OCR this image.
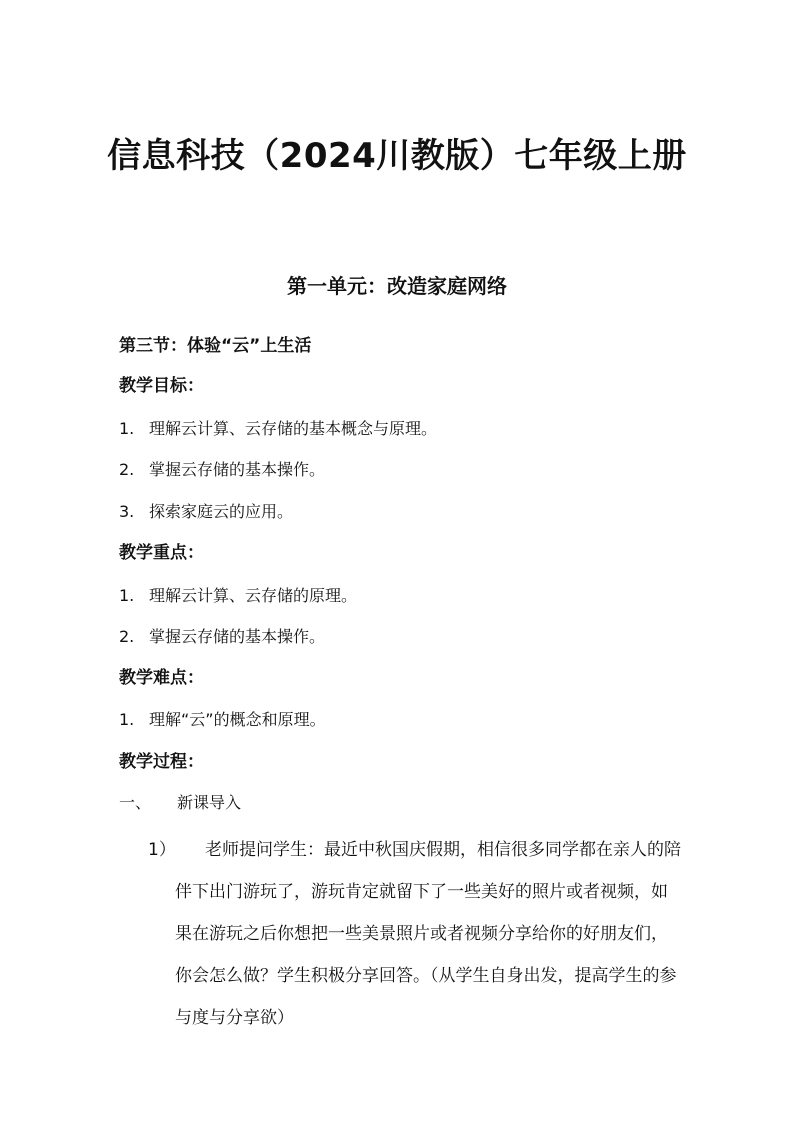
信息科技（2024川教版）七年级上册
第一单元：改造家庭网络
第三节：体验“云”上生活
教学目标：
1. 理解云计算、云存储的基本概念与原理。
2. 掌握云存储的基本操作。
3. 探索家庭云的应用。
教学重点：
1. 理解云计算、云存储的原理。
2. 掌握云存储的基本操作。
教学难点：
1. 理解“云”的概念和原理。
教学过程：
一、 新课导入
1）	老师提问学生：最近中秋国庆假期，相信很多同学都在亲人的陪伴下出门游玩了，游玩肯定就留下了一些美好的照片或者视频，如果在游玩之后你想把一些美景照片或者视频分享给你的好朋友们，你会怎么做？学生积极分享回答。（从学生自身出发，提高学生的参与度与分享欲）
